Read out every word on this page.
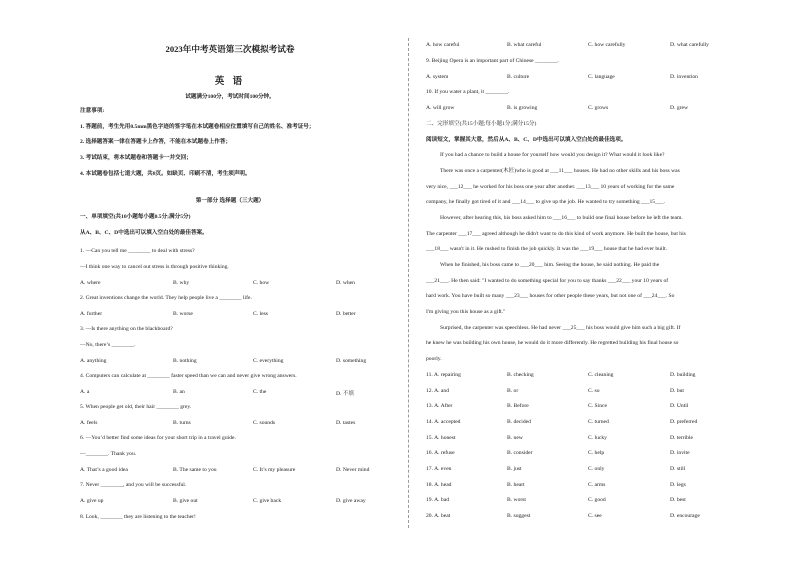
2023年中考英语第三次模拟考试卷
英 语
试题满分100分，考试时间100分钟。
注意事项:
1. 答题前，考生先用0.5mm黑色字迹的签字笔在本试题卷相应位置填写自己的姓名、准考证号；
2. 选择题答案一律在答题卡上作答，不能在本试题卷上作答；
3. 考试结束，将本试题卷和答题卡一并交回；
4. 本试题卷包括七道大题，共8页。如缺页、印刷不清，考生须声明。
第一部分 选择题（三大题）
一、单项填空(共10小题每小题0.5分;满分5分)
从A、B、C、D中选出可以填入空白处的最佳答案。
1. —Can you tell me ________ to deal with stress?
—I think one way to cancel out stress is through positive thinking.
A. where	B. why	C. how	D. when
2. Great inventions change the world. They help people live a ________ life.
A. further	B. worse	C. less	D. better
3. —Is there anything on the blackboard?
—No, there’s ________.
A. anything	B. nothing	C. everything	D. something
4. Computers can calculate at ________ faster speed than we can and never give wrong answers.
A. a	B. an	C. the	D. 不填
5. When people get old, their hair ________ grey.
A. feels	B. turns	C. sounds	D. tastes
6. —You’d better find some ideas for your short trip in a travel guide.
—________. Thank you.
A. That’s a good idea	B. The same to you	C. It’s my pleasure	D. Never mind
7. Never ________, and you will be successful.
A. give up	B. give out	C. give back	D. give away
8. Look, ________ they are listening to the teacher!
A. how careful	B. what careful	C. how carefully	D. what carefully
9. Beijing Opera is an important part of Chinese ________.
A. system	B. culture	C. language	D. invention
10. If you water a plant, it ________.
A. will grow	B. is growing	C. grows	D. grew
二、完形填空(共15小题;每小题1分;满分15分)
阅读短文，掌握其大意，然后从A、B、C、D中选出可以填入空白处的最佳选项。
If you had a chance to build a house for yourself how would you design it? What would it look like?
There was once a carpenter(木匠)who is good at ___11___ houses. He had no other skills and his boss was
very nice, ___12___ he worked for his boss one year after another. ___13___ 10 years of working for the same
company, he finally got tired of it and ___14___ to give up the job. He wanted to try something ___15___.
However, after hearing this, his boss asked him to ___16___ to build one final house before he left the team.
The carpenter ___17___ agreed although he didn't want to do this kind of work anymore. He built the house, but his
___18___ wasn't in it. He rushed to finish the job quickly. It was the ___19___ house that he had ever built.
When he finished, his boss came to ___20___ him. Seeing the house, he said nothing. He paid the
___21___. He then said: "I wanted to do something special for you to say thanks ___22___ your 10 years of
hard work. You have built so many ___23___ houses for other people these years, but not one of ___24___. So
I'm giving you this house as a gift."
Surprised, the carpenter was speechless. He had never ___25___ his boss would give him such a big gift. If
he knew he was building his own house, he would do it more differently. He regretted building his final house so
poorly.
11. A. repairing	B. checking	C. cleaning	D. building
12. A. and	B. or	C. so	D. but
13. A. After	B. Before	C. Since	D. Until
14. A. accepted	B. decided	C. turned	D. preferred
15. A. honest	B. new	C. lucky	D. terrible
16. A. refuse	B. consider	C. help	D. invite
17. A. even	B. just	C. only	D. still
18. A. head	B. heart	C. arms	D. legs
19. A. bad	B. worst	C. good	D. best
20. A. beat	B. suggest	C. see	D. encourage
